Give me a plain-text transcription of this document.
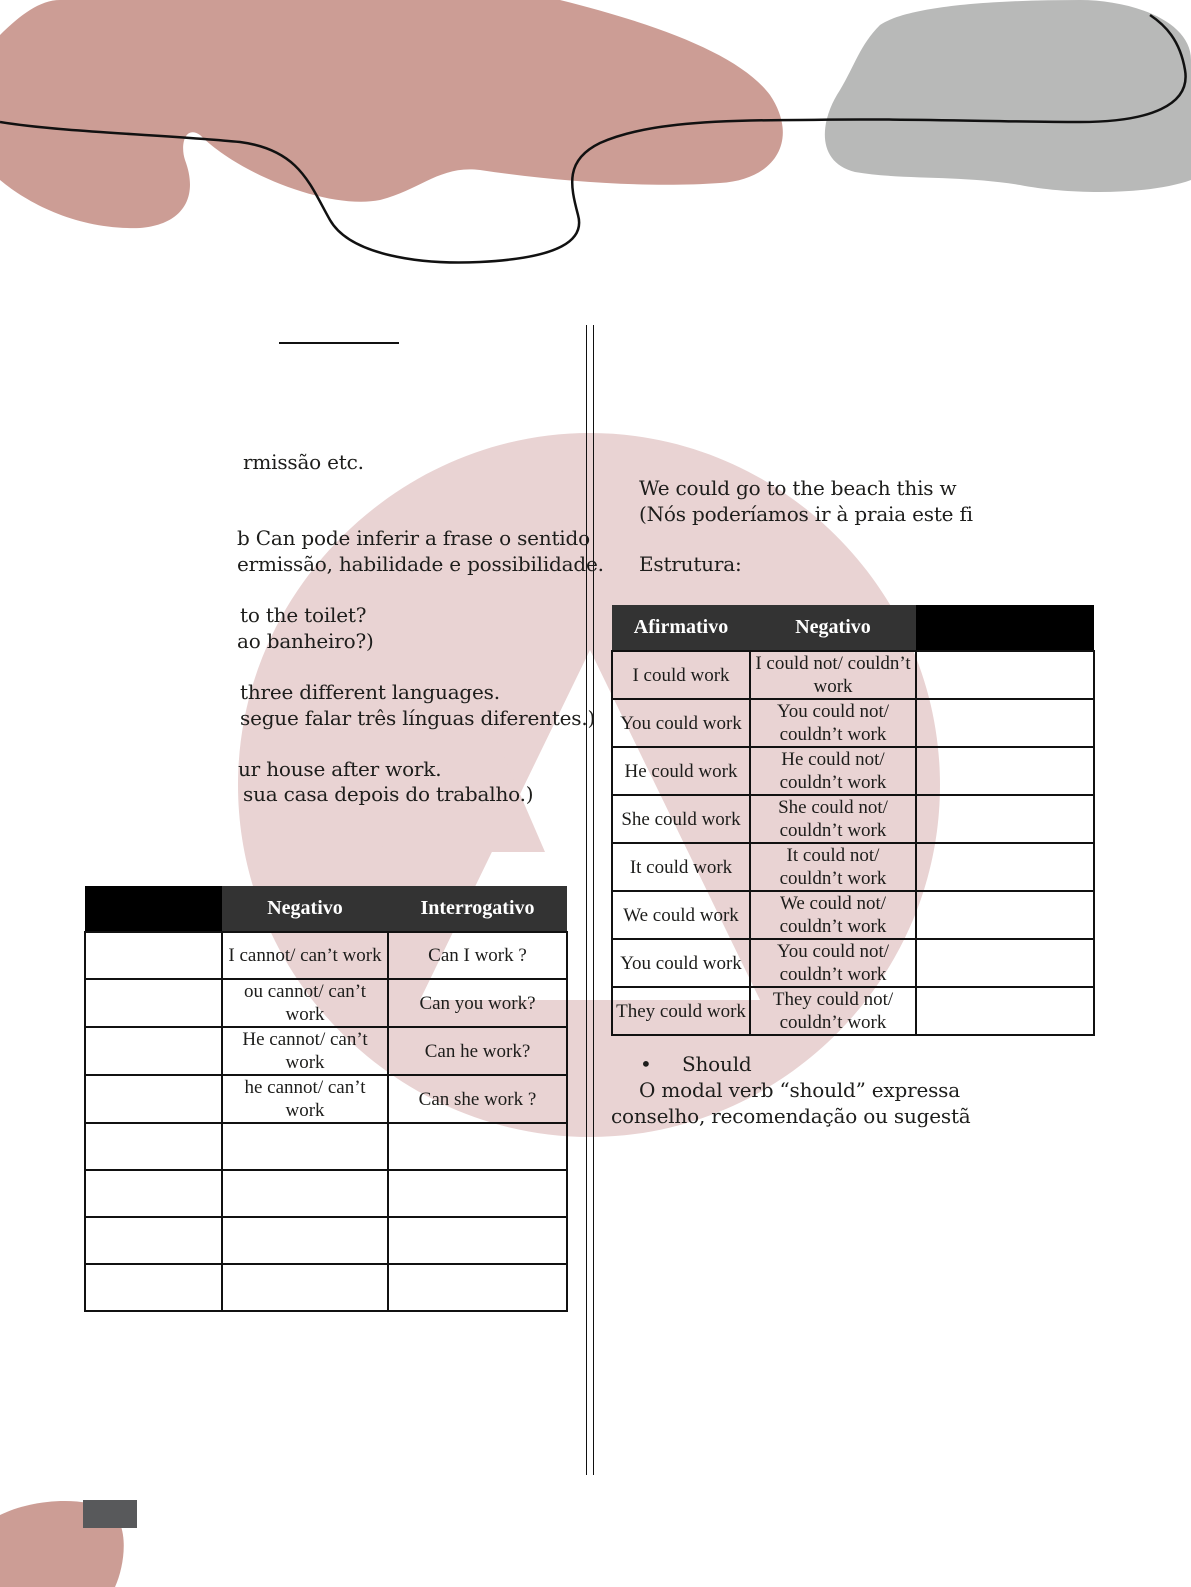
rmissão etc.
b Can pode inferir a frase o sentido
ermissão, habilidade e possibilidade.
to the toilet?
ao banheiro?)
three different languages.
segue falar três línguas diferentes.)
ur house after work.
sua casa depois do trabalho.)
	Negativo	Interrogativo
	I cannot/ can’t work	Can I work ?
	ou cannot/ can’t work	Can you work?
	He cannot/ can’t work	Can he work?
	he cannot/ can’t work	Can she work ?

We could go to the beach this w
(Nós poderíamos ir à praia este fi
Estrutura:
Afirmativo	Negativo	
I could work	I could not/ couldn’t work	
You could work	You could not/ couldn’t work	
He could work	He could not/ couldn’t work	
She could work	She could not/ couldn’t work	
It could work	It could not/ couldn’t work	
We could work	We could not/ couldn’t work	
You could work	You could not/ couldn’t work	
They could work	They could not/ couldn’t work	
• Should
O modal verb “should” expressa
conselho, recomendação ou sugestã
